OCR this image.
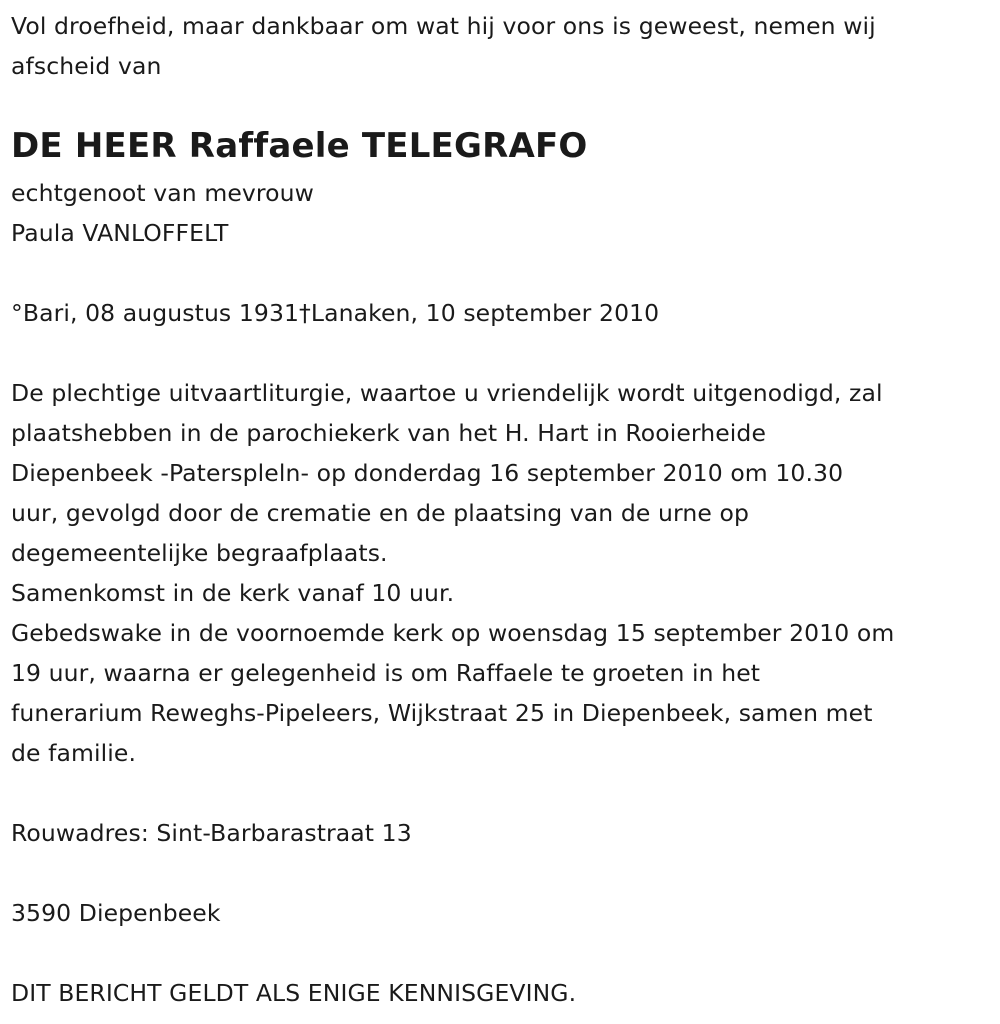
Vol droefheid, maar dankbaar om wat hij voor ons is geweest, nemen wij
afscheid van
DE HEER Raffaele TELEGRAFO
echtgenoot van mevrouw
Paula VANLOFFELT
°Bari, 08 augustus 1931†Lanaken, 10 september 2010
De plechtige uitvaartliturgie, waartoe u vriendelijk wordt uitgenodigd, zal
plaatshebben in de parochiekerk van het H. Hart in Rooierheide
Diepenbeek -Paterspleln- op donderdag 16 september 2010 om 10.30
uur, gevolgd door de crematie en de plaatsing van de urne op
degemeentelijke begraafplaats.
Samenkomst in de kerk vanaf 10 uur.
Gebedswake in de voornoemde kerk op woensdag 15 september 2010 om
19 uur, waarna er gelegenheid is om Raffaele te groeten in het
funerarium Reweghs-Pipeleers, Wijkstraat 25 in Diepenbeek, samen met
de familie.
Rouwadres: Sint-Barbarastraat 13
3590 Diepenbeek
DIT BERICHT GELDT ALS ENIGE KENNISGEVING.
